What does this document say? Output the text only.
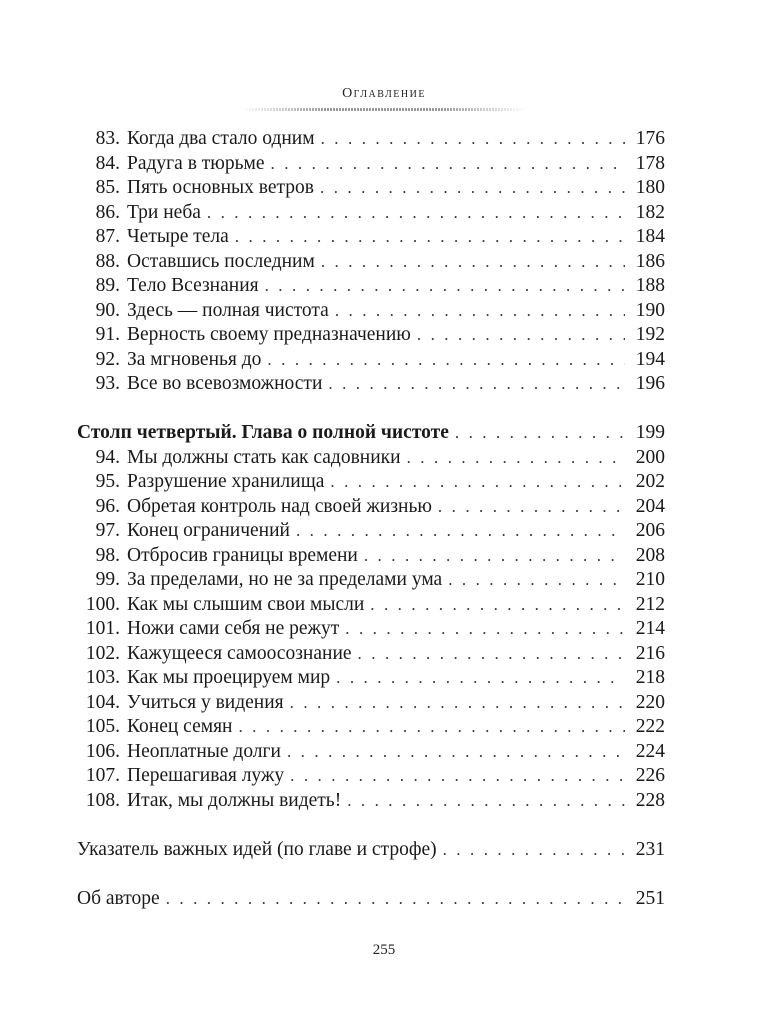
Оглавление
83. Когда два стало одним . . .	176
84. Радуга в тюрьме . . .	178
85. Пять основных ветров . . .	180
86. Три неба . . .	182
87. Четыре тела . . .	184
88. Оставшись последним . . .	186
89. Тело Всезнания . . .	188
90. Здесь — полная чистота . . .	190
91. Верность своему предназначению . . .	192
92. За мгновенья до . . .	194
93. Все во всевозможности . . .	196
Столп четвертый. Глава о полной чистоте . . .	199
94. Мы должны стать как садовники . . .	200
95. Разрушение хранилища . . .	202
96. Обретая контроль над своей жизнью . . .	204
97. Конец ограничений . . .	206
98. Отбросив границы времени . . .	208
99. За пределами, но не за пределами ума . . .	210
100. Как мы слышим свои мысли . . .	212
101. Ножи сами себя не режут . . .	214
102. Кажущееся самоосознание . . .	216
103. Как мы проецируем мир . . .	218
104. Учиться у видения . . .	220
105. Конец семян . . .	222
106. Неоплатные долги . . .	224
107. Перешагивая лужу . . .	226
108. Итак, мы должны видеть! . . .	228
Указатель важных идей (по главе и строфе) . . .	231
Об авторе . . .	251
255
